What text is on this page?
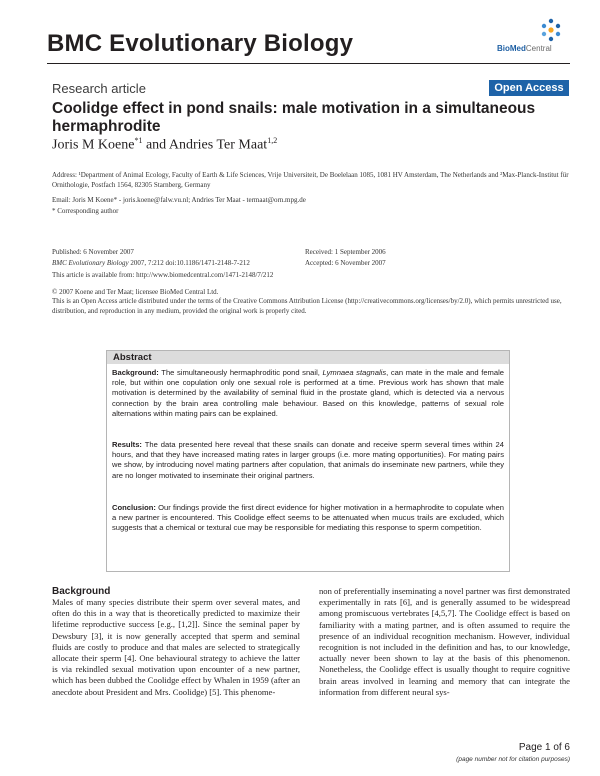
BMC Evolutionary Biology	BioMedCentral
Research article	Open Access
Coolidge effect in pond snails: male motivation in a simultaneous hermaphrodite
Joris M Koene$^{*1}$ and Andries Ter Maat$^{1,2}$
Address: ¹Department of Animal Ecology, Faculty of Earth & Life Sciences, Vrije Universiteit, De Boelelaan 1085, 1081 HV Amsterdam, The Netherlands and ²Max-Planck-Institut für Ornithologie, Postfach 1564, 82305 Starnberg, Germany
Email: Joris M Koene* - joris.koene@falw.vu.nl; Andries Ter Maat - termaat@orn.mpg.de
* Corresponding author
Published: 6 November 2007
BMC Evolutionary Biology 2007, 7:212 doi:10.1186/1471-2148-7-212
This article is available from: http://www.biomedcentral.com/1471-2148/7/212
Received: 1 September 2006
Accepted: 6 November 2007
© 2007 Koene and Ter Maat; licensee BioMed Central Ltd.
This is an Open Access article distributed under the terms of the Creative Commons Attribution License (http://creativecommons.org/licenses/by/2.0), which permits unrestricted use, distribution, and reproduction in any medium, provided the original work is properly cited.
Abstract
Background: The simultaneously hermaphroditic pond snail, Lymnaea stagnalis, can mate in the male and female role, but within one copulation only one sexual role is performed at a time. Previous work has shown that male motivation is determined by the availability of seminal fluid in the prostate gland, which is detected via a nervous connection by the brain area controlling male behaviour. Based on this knowledge, patterns of sexual role alternations within mating pairs can be explained.
Results: The data presented here reveal that these snails can donate and receive sperm several times within 24 hours, and that they have increased mating rates in larger groups (i.e. more mating opportunities). For mating pairs we show, by introducing novel mating partners after copulation, that animals do inseminate new partners, while they are no longer motivated to inseminate their original partners.
Conclusion: Our findings provide the first direct evidence for higher motivation in a hermaphrodite to copulate when a new partner is encountered. This Coolidge effect seems to be attenuated when mucus trails are excluded, which suggests that a chemical or textural cue may be responsible for mediating this response to sperm competition.
Background
Males of many species distribute their sperm over several mates, and often do this in a way that is theoretically predicted to maximize their lifetime reproductive success [e.g., [1,2]]. Since the seminal paper by Dewsbury [3], it is now generally accepted that sperm and seminal fluids are costly to produce and that males are selected to strategically allocate their sperm [4]. One behavioural strategy to achieve the latter is via rekindled sexual motivation upon encounter of a new partner, which has been dubbed the Coolidge effect by Whalen in 1959 (after an anecdote about President and Mrs. Coolidge) [5]. This phenome-
non of preferentially inseminating a novel partner was first demonstrated experimentally in rats [6], and is generally assumed to be widespread among promiscuous vertebrates [4,5,7]. The Coolidge effect is based on familiarity with a mating partner, and is often assumed to require the presence of an individual recognition mechanism. However, individual recognition is not included in the definition and has, to our knowledge, actually never been shown to lay at the basis of this phenomenon. Nonetheless, the Coolidge effect is usually thought to require cognitive brain areas involved in learning and memory that can integrate the information from different neural sys-
Page 1 of 6
(page number not for citation purposes)
